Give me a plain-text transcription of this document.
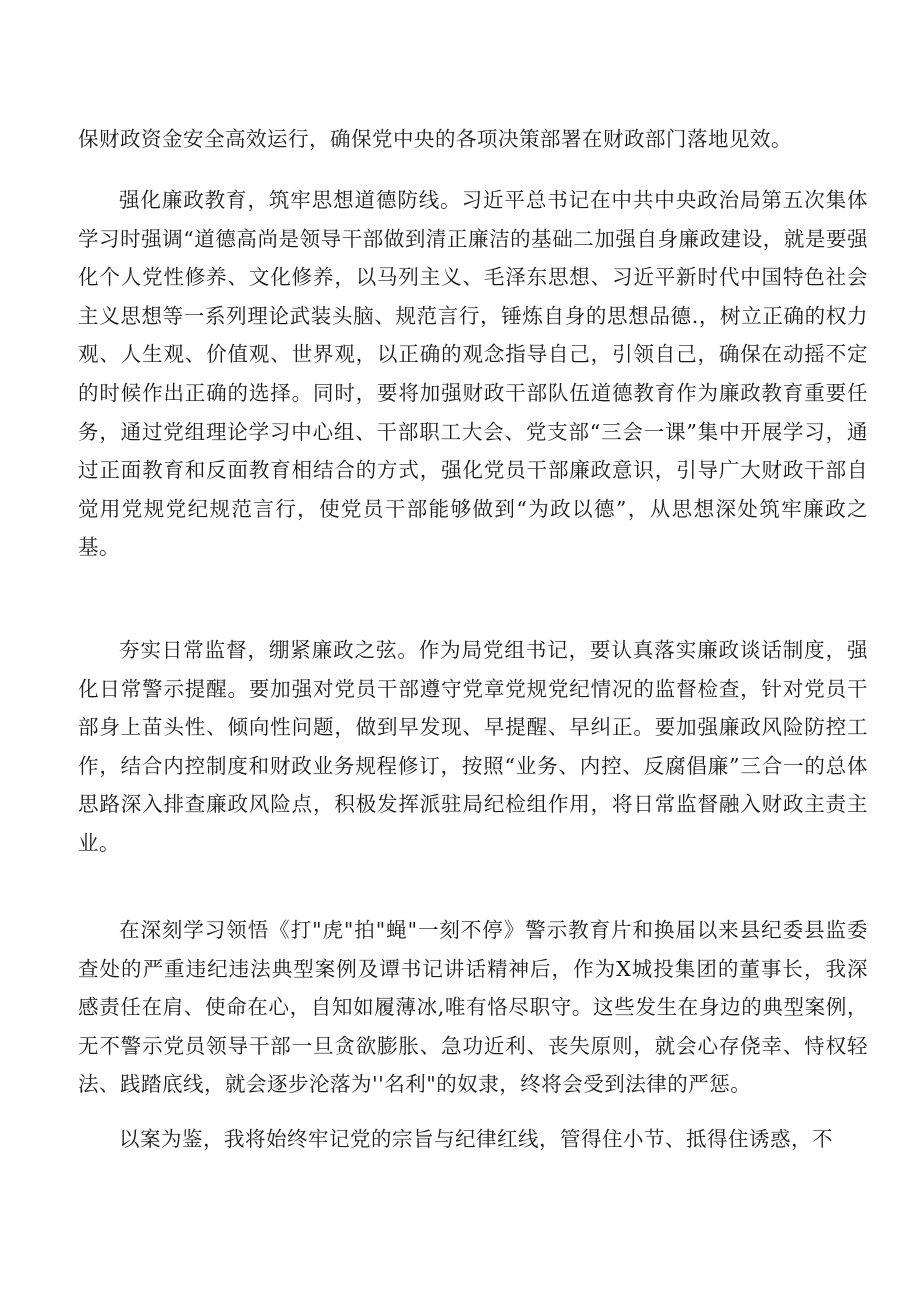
保财政资金安全高效运行，确保党中央的各项决策部署在财政部门落地见效。

强化廉政教育，筑牢思想道德防线。习近平总书记在中共中央政治局第五次集体学习时强调“道德高尚是领导干部做到清正廉洁的基础二加强自身廉政建设，就是要强化个人党性修养、文化修养，以马列主义、毛泽东思想、习近平新时代中国特色社会主义思想等一系列理论武装头脑、规范言行，锤炼自身的思想品德.，树立正确的权力观、人生观、价值观、世界观，以正确的观念指导自己，引领自己，确保在动摇不定的时候作出正确的选择。同时，要将加强财政干部队伍道德教育作为廉政教育重要任务，通过党组理论学习中心组、干部职工大会、党支部“三会一课”集中开展学习，通过正面教育和反面教育相结合的方式，强化党员干部廉政意识，引导广大财政干部自觉用党规党纪规范言行，使党员干部能够做到“为政以德”，从思想深处筑牢廉政之基。

夯实日常监督，绷紧廉政之弦。作为局党组书记，要认真落实廉政谈话制度，强化日常警示提醒。要加强对党员干部遵守党章党规党纪情况的监督检查，针对党员干部身上苗头性、倾向性问题，做到早发现、早提醒、早纠正。要加强廉政风险防控工作，结合内控制度和财政业务规程修订，按照“业务、内控、反腐倡廉”三合一的总体思路深入排查廉政风险点，积极发挥派驻局纪检组作用，将日常监督融入财政主责主业。

在深刻学习领悟《打"虎"拍"蝇"一刻不停》警示教育片和换届以来县纪委县监委查处的严重违纪违法典型案例及谭书记讲话精神后，作为X城投集团的董事长，我深感责任在肩、使命在心，自知如履薄冰,唯有恪尽职守。这些发生在身边的典型案例，无不警示党员领导干部一旦贪欲膨胀、急功近利、丧失原则，就会心存侥幸、恃权轻法、践踏底线，就会逐步沦落为''名利"的奴隶，终将会受到法律的严惩。

以案为鉴，我将始终牢记党的宗旨与纪律红线，管得住小节、抵得住诱惑，不
